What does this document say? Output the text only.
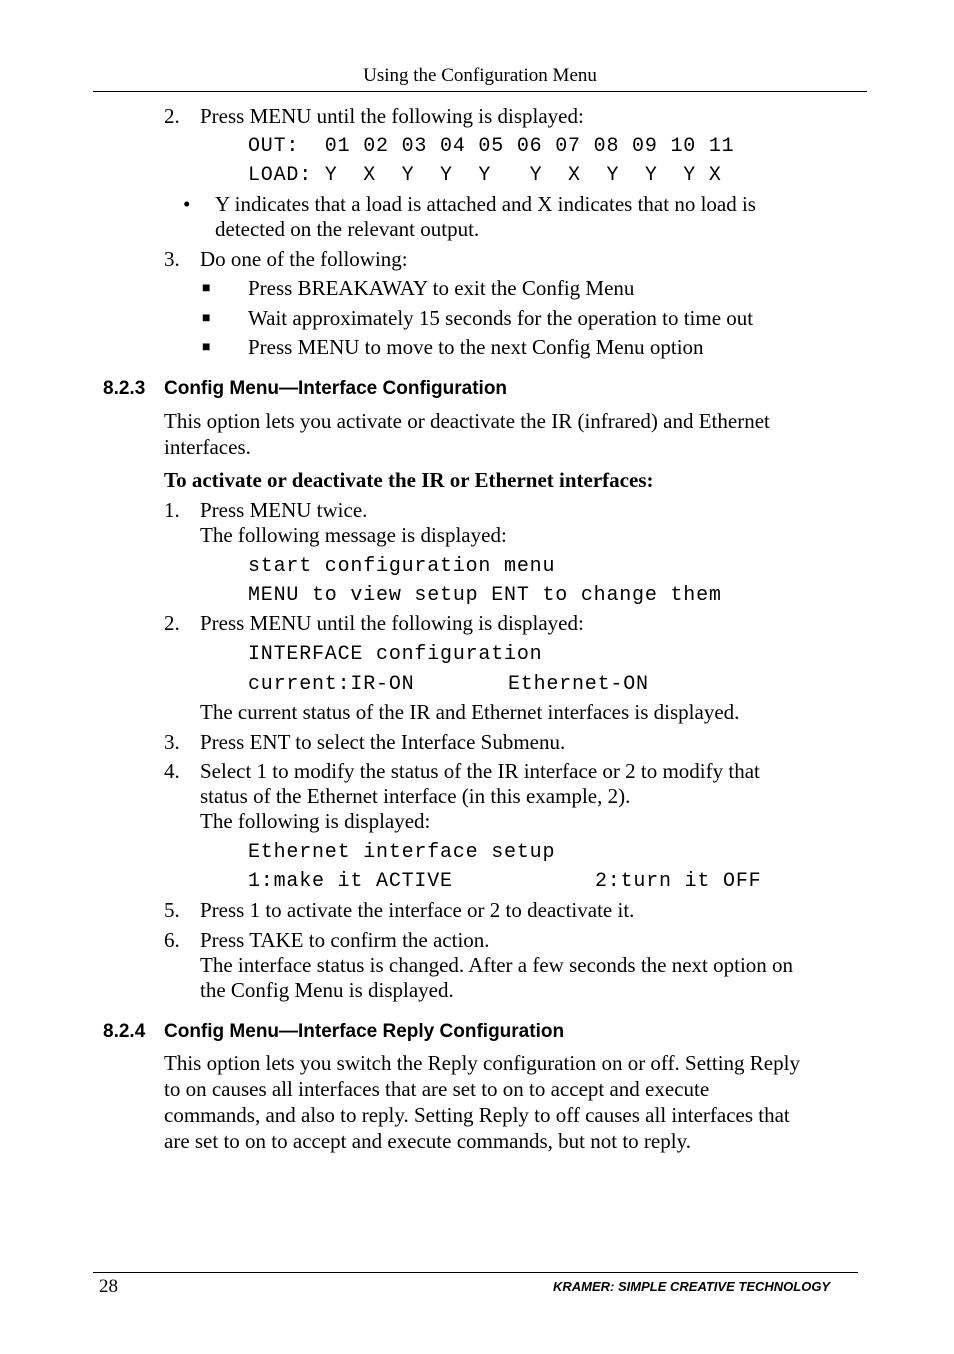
Using the Configuration Menu
2. Press MENU until the following is displayed:
OUT:  01 02 03 04 05 06 07 08 09 10 11
LOAD: Y  X  Y  Y  Y   Y  X  Y  Y  Y X
• Y indicates that a load is attached and X indicates that no load is
detected on the relevant output.
3. Do one of the following:
■ Press BREAKAWAY to exit the Config Menu
■ Wait approximately 15 seconds for the operation to time out
■ Press MENU to move to the next Config Menu option
8.2.3 Config Menu—Interface Configuration
This option lets you activate or deactivate the IR (infrared) and Ethernet
interfaces.
To activate or deactivate the IR or Ethernet interfaces:
1. Press MENU twice.
The following message is displayed:
start configuration menu
MENU to view setup ENT to change them
2. Press MENU until the following is displayed:
INTERFACE configuration
current:IR-ON	Ethernet-ON
The current status of the IR and Ethernet interfaces is displayed.
3. Press ENT to select the Interface Submenu.
4. Select 1 to modify the status of the IR interface or 2 to modify that
status of the Ethernet interface (in this example, 2).
The following is displayed:
Ethernet interface setup
1:make it ACTIVE	2:turn it OFF
5. Press 1 to activate the interface or 2 to deactivate it.
6. Press TAKE to confirm the action.
The interface status is changed. After a few seconds the next option on
the Config Menu is displayed.
8.2.4 Config Menu—Interface Reply Configuration
This option lets you switch the Reply configuration on or off. Setting Reply
to on causes all interfaces that are set to on to accept and execute
commands, and also to reply. Setting Reply to off causes all interfaces that
are set to on to accept and execute commands, but not to reply.
28	KRAMER: SIMPLE CREATIVE TECHNOLOGY
